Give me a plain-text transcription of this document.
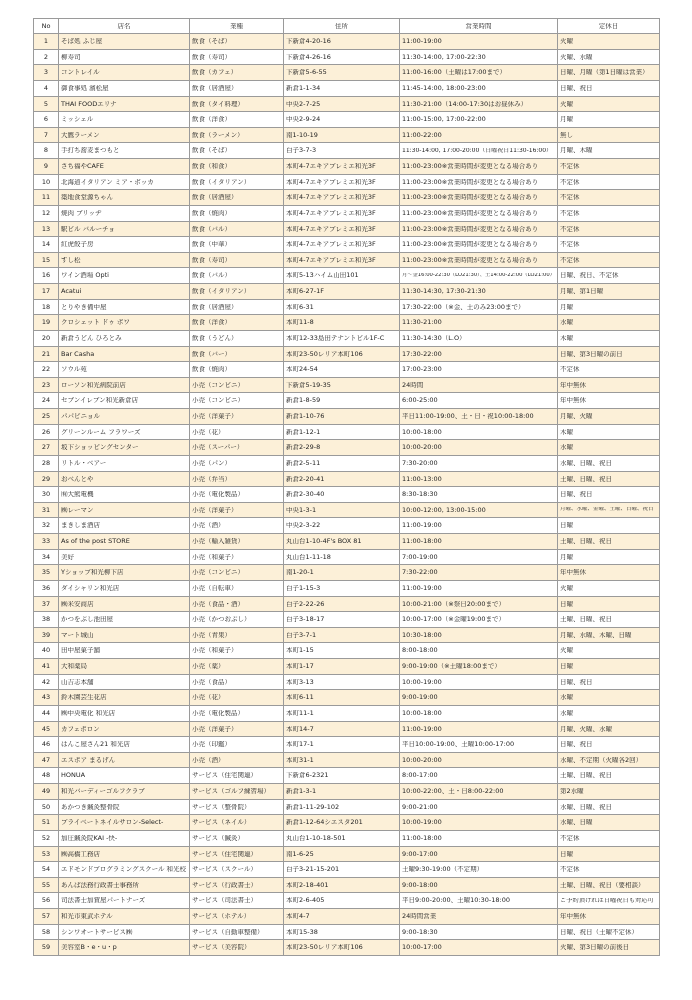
No	店名	業種	住所	営業時間	定休日

1	そば処 ふじ屋	飲食（そば）	下新倉4-20-16	11:00-19:00	火曜

2	柳寿司	飲食（寿司）	下新倉4-26-16	11:30-14:00, 17:00-22:30	火曜、水曜

3	コントレイル	飲食（カフェ）	下新倉5-6-55	11:00-16:00（土曜は17:00まで）	日曜、月曜（第1日曜は営業）

4	御食事処 濱松屋	飲食（居酒屋）	新倉1-1-34	11:45-14:00, 18:00-23:00	日曜、祝日

5	THAI FOODエリナ	飲食（タイ料理）	中央2-7-25	11:30-21:00（14:00-17:30はお昼休み）	火曜

6	ミッシェル	飲食（洋食）	中央2-9-24	11:00-15:00, 17:00-22:00	月曜

7	大鷹ラーメン	飲食（ラーメン）	南1-10-19	11:00-22:00	無し

8	手打ち蕎麦まつもと	飲食（そば）	白子3-7-3	11:30-14:00, 17:00-20:00（日曜祝日11:30-16:00）	月曜、木曜

9	さち福やCAFÉ	飲食（和食）	本町4-7エキアプレミエ和光3F	11:00-23:00※営業時間が変更となる場合あり	不定休

10	北海道イタリアン ミア・ボッカ	飲食（イタリアン）	本町4-7エキアプレミエ和光3F	11:00-23:00※営業時間が変更となる場合あり	不定休

11	築地食堂源ちゃん	飲食（居酒屋）	本町4-7エキアプレミエ和光3F	11:00-23:00※営業時間が変更となる場合あり	不定休

12	焼肉 ブリッヂ	飲食（焼肉）	本町4-7エキアプレミエ和光3F	11:00-23:00※営業時間が変更となる場合あり	不定休

13	駅ビル バルーチョ	飲食（バル）	本町4-7エキアプレミエ和光3F	11:00-23:00※営業時間が変更となる場合あり	不定休

14	紅虎餃子房	飲食（中華）	本町4-7エキアプレミエ和光3F	11:00-23:00※営業時間が変更となる場合あり	不定休

15	すし松	飲食（寿司）	本町4-7エキアプレミエ和光3F	11:00-23:00※営業時間が変更となる場合あり	不定休

16	ワイン酒場 Opti	飲食（バル）	本町5-13ハイム山田101	月～金16:00-22:30（LO21:30）、土14:00-22:00（LO21:00）	日曜、祝日、不定休

17	Acatui	飲食（イタリアン）	本町6-27-1F	11:30-14:30, 17:30-21:30	月曜、第1日曜

18	とりやき備中屋	飲食（居酒屋）	本町6-31	17:30-22:00（※金、土のみ23:00まで）	月曜

19	クロシェット ドゥ ボワ	飲食（洋食）	本町11-8	11:30-21:00	水曜

20	新倉うどん ひろとみ	飲食（うどん）	本町12-33島田テナントビル1F-C	11:30-14:30（L.O）	木曜

21	Bar Casha	飲食（バー）	本町23-50レリア本町106	17:30-22:00	日曜、第3日曜の前日

22	ソウル苑	飲食（焼肉）	本町24-54	17:00-23:00	不定休

23	ローソン和光病院前店	小売（コンビニ）	下新倉5-19-35	24時間	年中無休

24	セブンイレブン和光新倉店	小売（コンビニ）	新倉1-8-59	6:00-25:00	年中無休

25	パパピニョル	小売（洋菓子）	新倉1-10-76	平日11:00-19:00、土・日・祝10:00-18:00	月曜、火曜

26	グリーンルーム フラワーズ	小売（花）	新倉1-12-1	10:00-18:00	木曜

27	坂下ショッピングセンター	小売（スーパー）	新倉2-29-8	10:00-20:00	水曜

28	リトル・ベアー	小売（パン）	新倉2-5-11	7:30-20:00	水曜、日曜、祝日

29	おべんとや	小売（弁当）	新倉2-20-41	11:00-13:00	土曜、日曜、祝日

30	㈲大熊電機	小売（電化製品）	新倉2-30-40	8:30-18:30	日曜、祝日

31	㈱レーマン	小売（洋菓子）	中央1-3-1	10:00-12:00, 13:00-15:00	月曜、水曜、金曜、土曜、日曜、祝日

32	まきしま酒店	小売（酒）	中央2-3-22	11:00-19:00	日曜

33	As of the post STORE	小売（輸入雑貨）	丸山台1-10-4F's BOX 81	11:00-18:00	土曜、日曜、祝日

34	美好	小売（和菓子）	丸山台1-11-18	7:00-19:00	月曜

35	Yショップ和光柳下店	小売（コンビニ）	南1-20-1	7:30-22:00	年中無休

36	ダイシャリン和光店	小売（自転車）	白子1-15-3	11:00-19:00	火曜

37	㈱米安商店	小売（食品・酒）	白子2-22-26	10:00-21:00（※祭日20:00まで）	日曜

38	かつをぶし池田屋	小売（かつおぶし）	白子3-18-17	10:00-17:00（※金曜19:00まで）	土曜、日曜、祝日

39	マート城山	小売（青果）	白子3-7-1	10:30-18:00	月曜、水曜、木曜、日曜

40	田中屋菓子舗	小売（和菓子）	本町1-15	8:00-18:00	火曜

41	大和薬局	小売（薬）	本町1-17	9:00-19:00（※土曜18:00まで）	日曜

42	山吉志本舗	小売（食品）	本町3-13	10:00-19:00	日曜、祝日

43	鈴木園芸生花店	小売（花）	本町6-11	9:00-19:00	水曜

44	㈱中央電化 和光店	小売（電化製品）	本町11-1	10:00-18:00	水曜

45	カフェポロン	小売（洋菓子）	本町14-7	11:00-19:00	月曜、火曜、水曜

46	はんこ屋さん21 和光店	小売（印鑑）	本町17-1	平日10:00-19:00、土曜10:00-17:00	日曜、祝日

47	エスポア まるげん	小売（酒）	本町31-1	10:00-20:00	水曜、不定期（火曜各2回）

48	HONUA	サービス（住宅関連）	下新倉6-2321	8:00-17:00	土曜、日曜、祝日

49	和光バーディーゴルフクラブ	サービス（ゴルフ練習場）	新倉1-3-1	10:00-22:00、土・日8:00-22:00	第2水曜

50	あかつき鍼灸整骨院	サービス（整骨院）	新倉1-11-29-102	9:00-21:00	水曜、日曜、祝日

51	プライベートネイルサロン-Select-	サービス（ネイル）	新倉1-12-64シエスタ201	10:00-19:00	水曜、日曜

52	加圧鍼灸院KAI -快-	サービス（鍼灸）	丸山台1-10-18-501	11:00-18:00	不定休

53	㈱高橋工務店	サービス（住宅関連）	南1-6-25	9:00-17:00	日曜

54	エドモンドプログラミングスクール 和光校	サービス（スクール）	白子3-21-15-201	土曜9:30-19:00（不定期）	不定休

55	あんぱ法務行政書士事務所	サービス（行政書士）	本町2-18-401	9:00-18:00	土曜、日曜、祝日（要相談）

56	司法書士加賀屋パートナーズ	サービス（司法書士）	本町2-6-405	平日9:00-20:00、土曜10:30-18:00	ご予約頂ければ日曜祝日も対応可

57	和光市東武ホテル	サービス（ホテル）	本町4-7	24時間営業	年中無休

58	シンワオートサービス㈱	サービス（自動車整備）	本町15-38	9:00-18:30	日曜、祝日（土曜不定休）

59	美容室B・e・u・p	サービス（美容院）	本町23-50レリア本町106	10:00-17:00	火曜、第3日曜の前後日
